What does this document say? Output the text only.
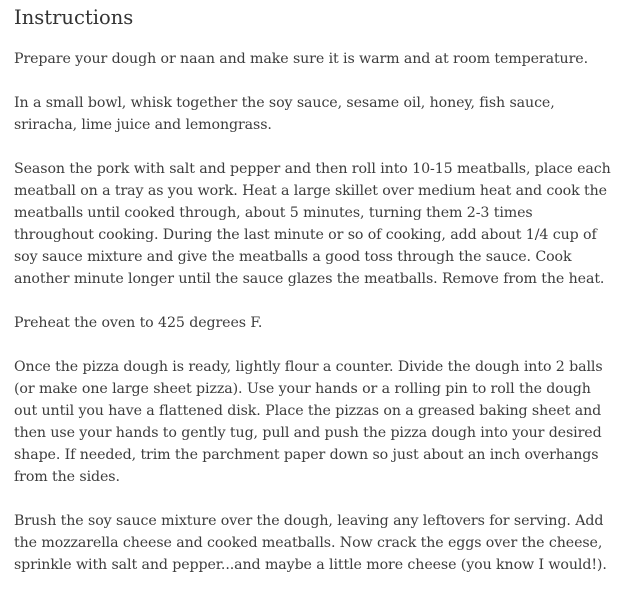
Instructions

Prepare your dough or naan and make sure it is warm and at room temperature.

In a small bowl, whisk together the soy sauce, sesame oil, honey, fish sauce, sriracha, lime juice and lemongrass.

Season the pork with salt and pepper and then roll into 10-15 meatballs, place each meatball on a tray as you work. Heat a large skillet over medium heat and cook the meatballs until cooked through, about 5 minutes, turning them 2-3 times throughout cooking. During the last minute or so of cooking, add about 1/4 cup of soy sauce mixture and give the meatballs a good toss through the sauce. Cook another minute longer until the sauce glazes the meatballs. Remove from the heat.

Preheat the oven to 425 degrees F.

Once the pizza dough is ready, lightly flour a counter. Divide the dough into 2 balls (or make one large sheet pizza). Use your hands or a rolling pin to roll the dough out until you have a flattened disk. Place the pizzas on a greased baking sheet and then use your hands to gently tug, pull and push the pizza dough into your desired shape. If needed, trim the parchment paper down so just about an inch overhangs from the sides.

Brush the soy sauce mixture over the dough, leaving any leftovers for serving. Add the mozzarella cheese and cooked meatballs. Now crack the eggs over the cheese, sprinkle with salt and pepper...and maybe a little more cheese (you know I would!).
